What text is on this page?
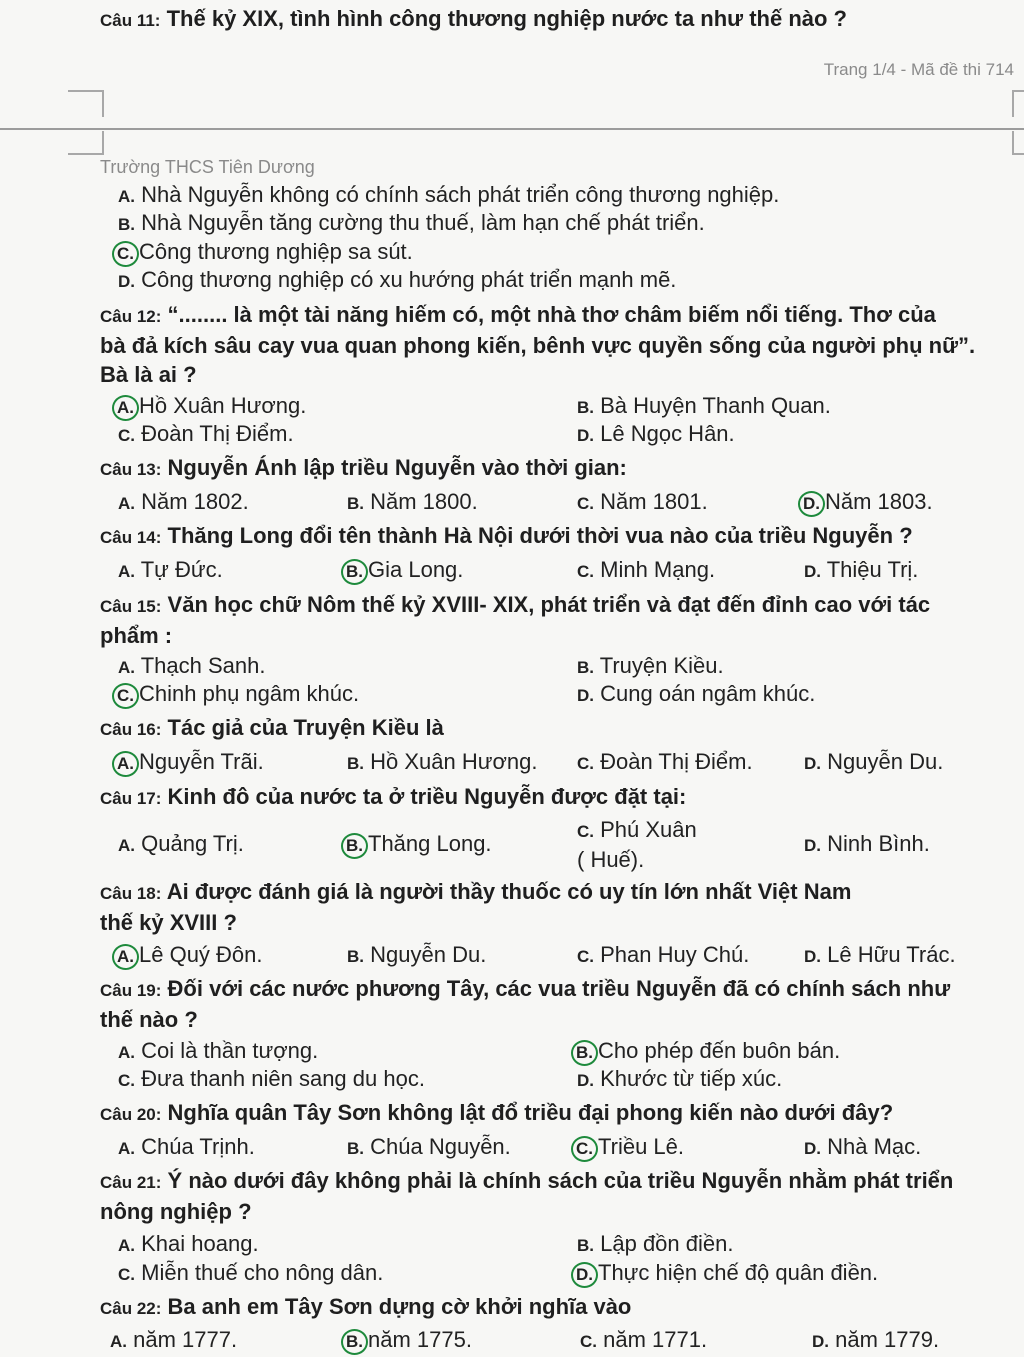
Câu 11: Thế kỷ XIX, tình hình công thương nghiệp nước ta như thế nào ?
Trang 1/4 - Mã đề thi 714
Trường THCS Tiên Dương
A. Nhà Nguyễn không có chính sách phát triển công thương nghiệp.
B. Nhà Nguyễn tăng cường thu thuế, làm hạn chế phát triển.
C. Công thương nghiệp sa sút.
D. Công thương nghiệp có xu hướng phát triển mạnh mẽ.
Câu 12: “........ là một tài năng hiếm có, một nhà thơ châm biếm nổi tiếng. Thơ của
bà đả kích sâu cay vua quan phong kiến, bênh vực quyền sống của người phụ nữ”.
Bà là ai ?
A. Hồ Xuân Hương.	B. Bà Huyện Thanh Quan.
C. Đoàn Thị Điểm.	D. Lê Ngọc Hân.
Câu 13: Nguyễn Ánh lập triều Nguyễn vào thời gian:
A. Năm 1802.	B. Năm 1800.	C. Năm 1801.	D. Năm 1803.
Câu 14: Thăng Long đổi tên thành Hà Nội dưới thời vua nào của triều Nguyễn ?
A. Tự Đức.	B. Gia Long.	C. Minh Mạng.	D. Thiệu Trị.
Câu 15: Văn học chữ Nôm thế kỷ XVIII- XIX, phát triển và đạt đến đỉnh cao với tác
phẩm :
A. Thạch Sanh.	B. Truyện Kiều.
C. Chinh phụ ngâm khúc.	D. Cung oán ngâm khúc.
Câu 16: Tác giả của Truyện Kiều là
A. Nguyễn Trãi.	B. Hồ Xuân Hương. C. Đoàn Thị Điểm.	D. Nguyễn Du.
Câu 17: Kinh đô của nước ta ở triều Nguyễn được đặt tại:
A. Quảng Trị.	B. Thăng Long.	C. Phú Xuân
( Huế).
D. Ninh Bình.
Câu 18: Ai được đánh giá là người thầy thuốc có uy tín lớn nhất Việt Nam
thế kỷ XVIII ?
A. Lê Quý Đôn.	B. Nguyễn Du.	C. Phan Huy Chú.	D. Lê Hữu Trác.
Câu 19: Đối với các nước phương Tây, các vua triều Nguyễn đã có chính sách như
thế nào ?
A. Coi là thần tượng.	B. Cho phép đến buôn bán.
C. Đưa thanh niên sang du học.	D. Khước từ tiếp xúc.
Câu 20: Nghĩa quân Tây Sơn không lật đổ triều đại phong kiến nào dưới đây?
A. Chúa Trịnh.	B. Chúa Nguyễn.	C. Triều Lê.	D. Nhà Mạc.
Câu 21: Ý nào dưới đây không phải là chính sách của triều Nguyễn nhằm phát triển
nông nghiệp ?
A. Khai hoang.	B. Lập đồn điền.
C. Miễn thuế cho nông dân.	D. Thực hiện chế độ quân điền.
Câu 22: Ba anh em Tây Sơn dựng cờ khởi nghĩa vào
A. năm 1777.	B. năm 1775.	C. năm 1771.	D. năm 1779.
